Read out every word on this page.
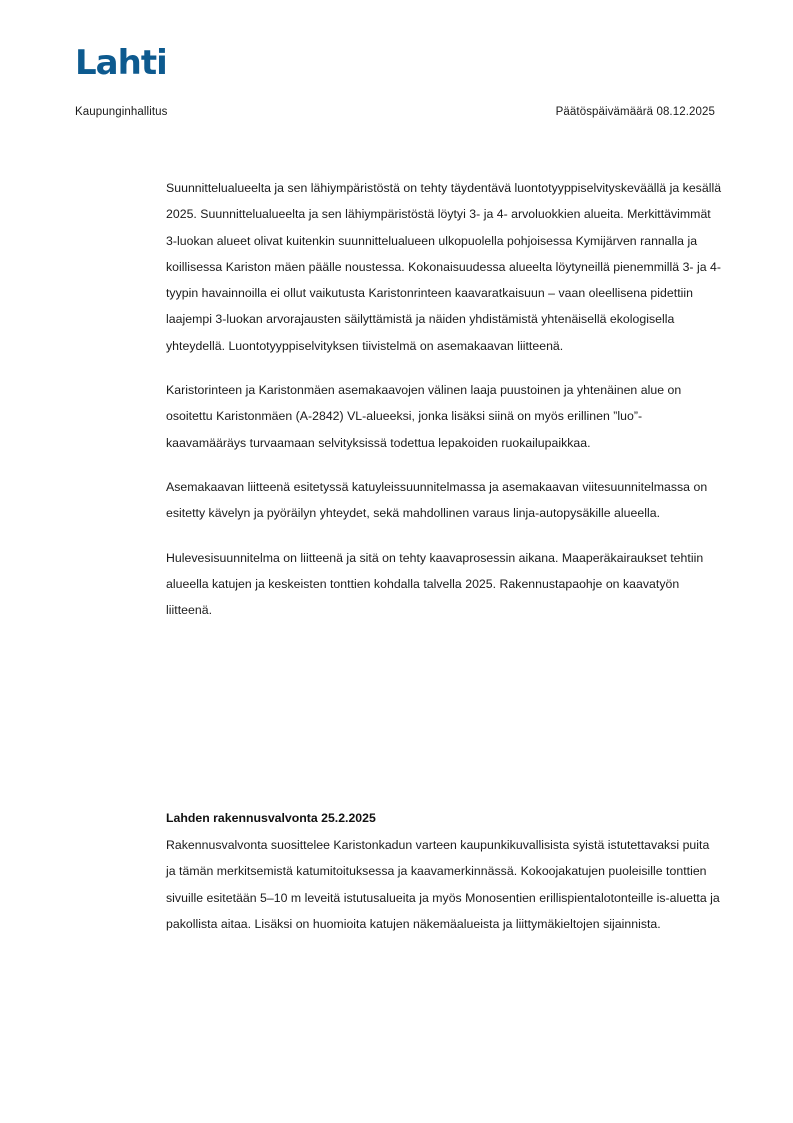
Lahti
Kaupunginhallitus	Päätöspäivämäärä 08.12.2025

Suunnittelualueelta ja sen lähiympäristöstä on tehty täydentävä luontotyyppiselvityskeväällä ja kesällä 2025. Suunnittelualueelta ja sen lähiympäristöstä löytyi 3- ja 4- arvoluokkien alueita. Merkittävimmät 3-luokan alueet olivat kuitenkin suunnittelualueen ulkopuolella pohjoisessa Kymijärven rannalla ja koillisessa Kariston mäen päälle noustessa. Kokonaisuudessa alueelta löytyneillä pienemmillä 3- ja 4- tyypin havainnoilla ei ollut vaikutusta Karistonrinteen kaavaratkaisuun – vaan oleellisena pidettiin laajempi 3-luokan arvorajausten säilyttämistä ja näiden yhdistämistä yhtenäisellä ekologisella yhteydellä. Luontotyyppiselvityksen tiivistelmä on asemakaavan liitteenä.

Karistorinteen ja Karistonmäen asemakaavojen välinen laaja puustoinen ja yhtenäinen alue on osoitettu Karistonmäen (A-2842) VL-alueeksi, jonka lisäksi siinä on myös erillinen ”luo”-kaavamääräys turvaamaan selvityksissä todettua lepakoiden ruokailupaikkaa.

Asemakaavan liitteenä esitetyssä katuyleissuunnitelmassa ja asemakaavan viitesuunnitelmassa on esitetty kävelyn ja pyöräilyn yhteydet, sekä mahdollinen varaus linja-autopysäkille alueella.

Hulevesisuunnitelma on liitteenä ja sitä on tehty kaavaprosessin aikana. Maaperäkairaukset tehtiin alueella katujen ja keskeisten tonttien kohdalla talvella 2025. Rakennustapaohje on kaavatyön liitteenä.

Lahden rakennusvalvonta 25.2.2025

Rakennusvalvonta suosittelee Karistonkadun varteen kaupunkikuvallisista syistä istutettavaksi puita ja tämän merkitsemistä katumitoituksessa ja kaavamerkinnässä. Kokoojakatujen puoleisille tonttien sivuille esitetään 5–10 m leveitä istutusalueita ja myös Monosentien erillispientalotonteille is-aluetta ja pakollista aitaa. Lisäksi on huomioita katujen näkemäalueista ja liittymäkieltojen sijainnista.
